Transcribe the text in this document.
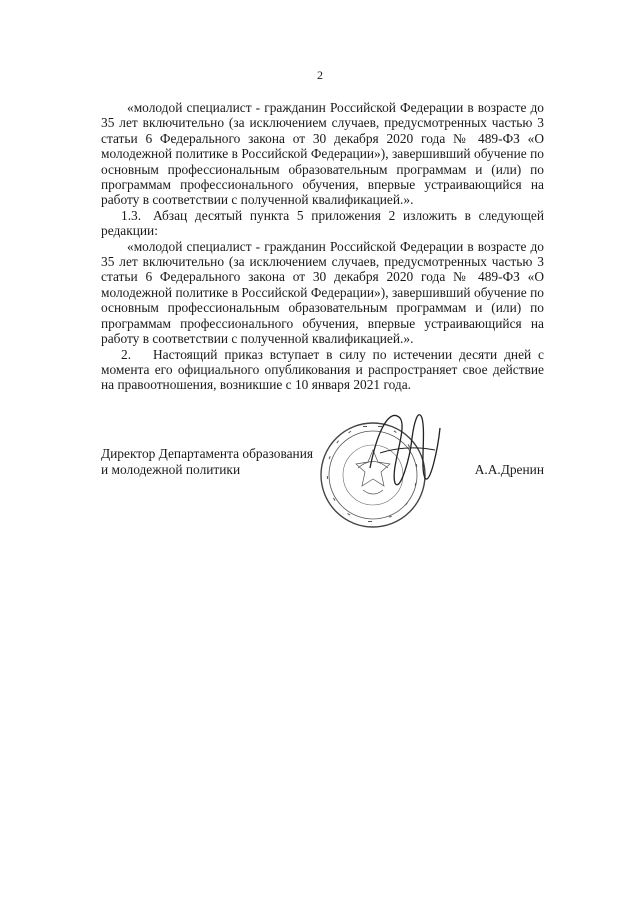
2

«молодой специалист - гражданин Российской Федерации в возрасте до 35 лет включительно (за исключением случаев, предусмотренных частью 3 статьи 6 Федерального закона от 30 декабря 2020 года № 489-ФЗ «О молодежной политике в Российской Федерации»), завершивший обучение по основным профессиональным образовательным программам и (или) по программам профессионального обучения, впервые устраивающийся на работу в соответствии с полученной квалификацией.».

1.3. Абзац десятый пункта 5 приложения 2 изложить в следующей редакции:

«молодой специалист - гражданин Российской Федерации в возрасте до 35 лет включительно (за исключением случаев, предусмотренных частью 3 статьи 6 Федерального закона от 30 декабря 2020 года № 489-ФЗ «О молодежной политике в Российской Федерации»), завершивший обучение по основным профессиональным образовательным программам и (или) по программам профессионального обучения, впервые устраивающийся на работу в соответствии с полученной квалификацией.».

2. Настоящий приказ вступает в силу по истечении десяти дней с момента его официального опубликования и распространяет свое действие на правоотношения, возникшие с 10 января 2021 года.

Директор Департамента образования
и молодежной политики	А.А.Дренин
